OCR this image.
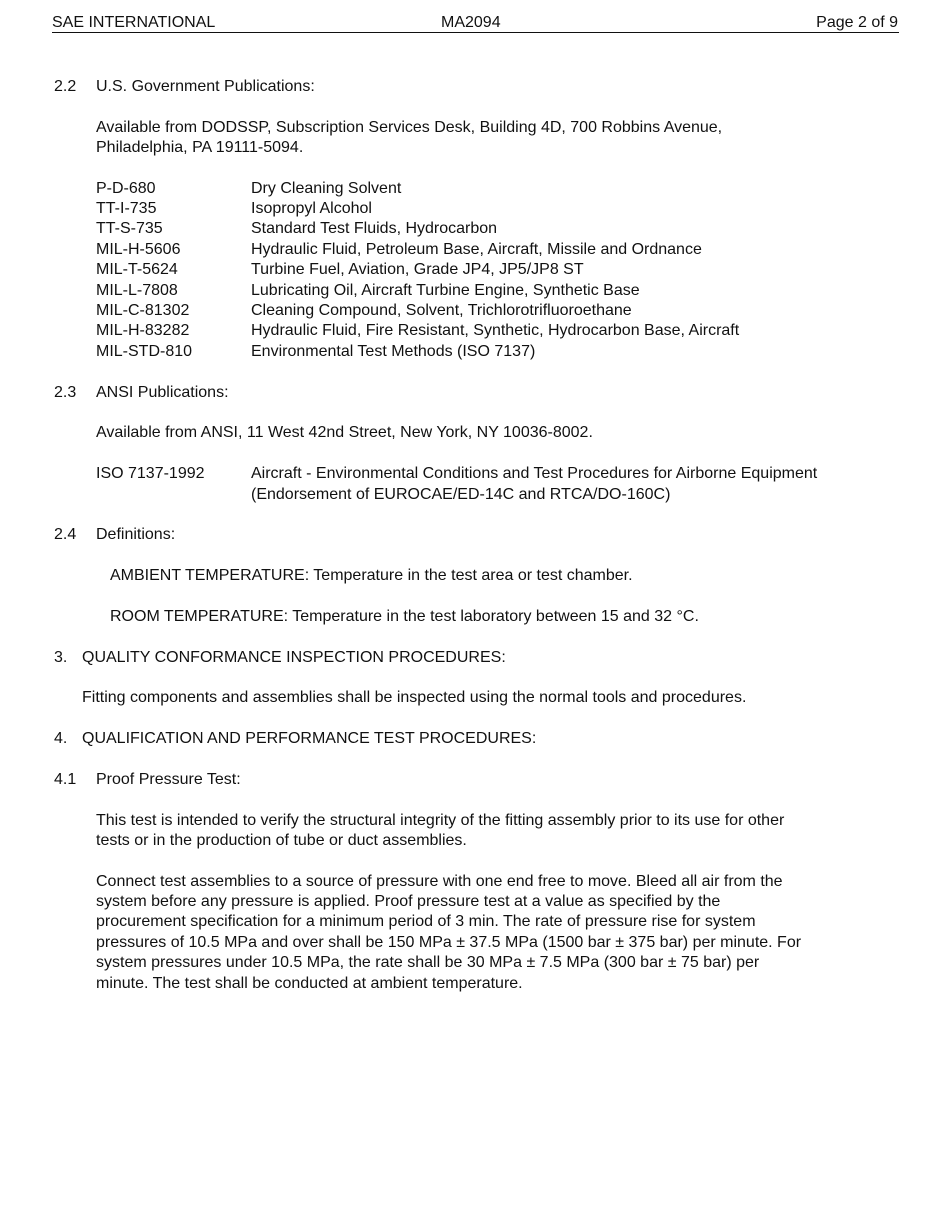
SAE INTERNATIONAL	MA2094	Page 2 of 9
2.2 U.S. Government Publications:
Available from DODSSP, Subscription Services Desk, Building 4D, 700 Robbins Avenue,
Philadelphia, PA 19111-5094.
P-D-680	Dry Cleaning Solvent
TT-I-735	Isopropyl Alcohol
TT-S-735	Standard Test Fluids, Hydrocarbon
MIL-H-5606	Hydraulic Fluid, Petroleum Base, Aircraft, Missile and Ordnance
MIL-T-5624	Turbine Fuel, Aviation, Grade JP4, JP5/JP8 ST
MIL-L-7808	Lubricating Oil, Aircraft Turbine Engine, Synthetic Base
MIL-C-81302	Cleaning Compound, Solvent, Trichlorotrifluoroethane
MIL-H-83282	Hydraulic Fluid, Fire Resistant, Synthetic, Hydrocarbon Base, Aircraft
MIL-STD-810	Environmental Test Methods (ISO 7137)
2.3 ANSI Publications:
Available from ANSI, 11 West 42nd Street, New York, NY 10036-8002.
ISO 7137-1992	Aircraft - Environmental Conditions and Test Procedures for Airborne Equipment
(Endorsement of EUROCAE/ED-14C and RTCA/DO-160C)
2.4 Definitions:
AMBIENT TEMPERATURE: Temperature in the test area or test chamber.
ROOM TEMPERATURE: Temperature in the test laboratory between 15 and 32 °C.
3. QUALITY CONFORMANCE INSPECTION PROCEDURES:
Fitting components and assemblies shall be inspected using the normal tools and procedures.
4. QUALIFICATION AND PERFORMANCE TEST PROCEDURES:
4.1 Proof Pressure Test:
This test is intended to verify the structural integrity of the fitting assembly prior to its use for other
tests or in the production of tube or duct assemblies.
Connect test assemblies to a source of pressure with one end free to move. Bleed all air from the
system before any pressure is applied. Proof pressure test at a value as specified by the
procurement specification for a minimum period of 3 min. The rate of pressure rise for system
pressures of 10.5 MPa and over shall be 150 MPa ± 37.5 MPa (1500 bar ± 375 bar) per minute. For
system pressures under 10.5 MPa, the rate shall be 30 MPa ± 7.5 MPa (300 bar ± 75 bar) per
minute. The test shall be conducted at ambient temperature.
